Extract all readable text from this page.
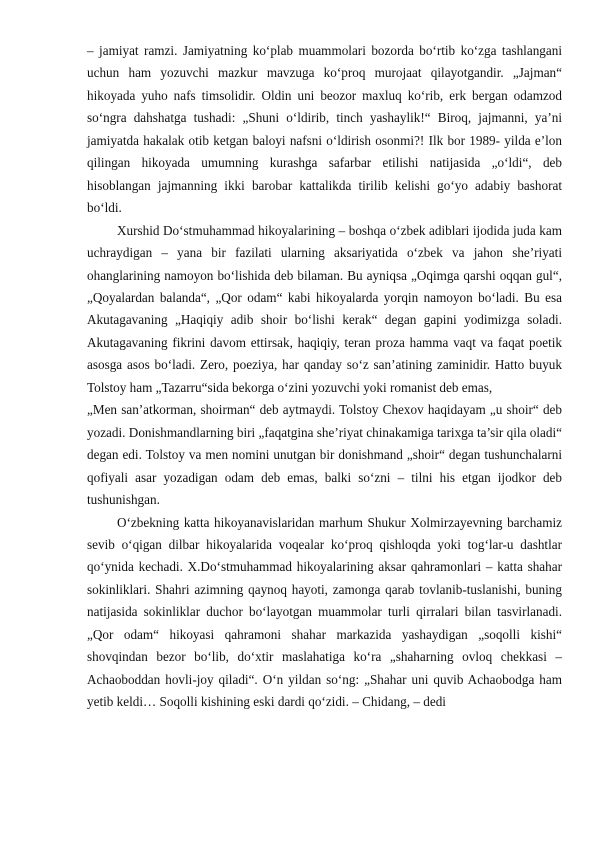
– jamiyat ramzi. Jamiyatning ko‘plab muammolari bozorda bo‘rtib ko‘zga tashlangani uchun ham yozuvchi mazkur mavzuga ko‘proq murojaat qilayotgandir. „Jajman“ hikoyada yuho nafs timsolidir. Oldin uni beozor maxluq ko‘rib, erk bergan odamzod so‘ngra dahshatga tushadi: „Shuni o‘ldirib, tinch yashaylik!“ Biroq, jajmanni, ya’ni jamiyatda hakalak otib ketgan baloyi nafsni o‘ldirish osonmi?! Ilk bor 1989- yilda e’lon qilingan hikoyada umumning kurashga safarbar etilishi natijasida „o‘ldi“, deb hisoblangan jajmanning ikki barobar kattalikda tirilib kelishi go‘yo adabiy bashorat bo‘ldi.

Xurshid Do‘stmuhammad hikoyalarining – boshqa o‘zbek adiblari ijodida juda kam uchraydigan – yana bir fazilati ularning aksariyatida o‘zbek va jahon she’riyati ohanglarining namoyon bo‘lishida deb bilaman. Bu ayniqsa „Oqimga qarshi oqqan gul“, „Qoyalardan balanda“, „Qor odam“ kabi hikoyalarda yorqin namoyon bo‘ladi. Bu esa Akutagavaning „Haqiqiy adib shoir bo‘lishi kerak“ degan gapini yodimizga soladi. Akutagavaning fikrini davom ettirsak, haqiqiy, teran proza hamma vaqt va faqat poetik asosga asos bo‘ladi. Zero, poeziya, har qanday so‘z san’atining zaminidir. Hatto buyuk Tolstoy ham „Tazarru“sida bekorga o‘zini yozuvchi yoki romanist deb emas,

„Men san’atkorman, shoirman“ deb aytmaydi. Tolstoy Chexov haqidayam „u shoir“ deb yozadi. Donishmandlarning biri „faqatgina she’riyat chinakamiga tarixga ta’sir qila oladi“ degan edi. Tolstoy va men nomini unutgan bir donishmand „shoir“ degan tushunchalarni qofiyali asar yozadigan odam deb emas, balki so‘zni – tilni his etgan ijodkor deb tushunishgan.

O‘zbekning katta hikoyanavislaridan marhum Shukur Xolmirzayevning barchamiz sevib o‘qigan dilbar hikoyalarida voqealar ko‘proq qishloqda yoki tog‘lar-u dashtlar qo‘ynida kechadi. X.Do‘stmuhammad hikoyalarining aksar qahramonlari – katta shahar sokinliklari. Shahri azimning qaynoq hayoti, zamonga qarab tovlanib-tuslanishi, buning natijasida sokinliklar duchor bo‘layotgan muammolar turli qirralari bilan tasvirlanadi. „Qor odam“ hikoyasi qahramoni shahar markazida yashaydigan „soqolli kishi“ shovqindan bezor bo‘lib, do‘xtir maslahatiga ko‘ra „shaharning ovloq chekkasi – Achaoboddan hovli-joy qiladi“. O‘n yildan so‘ng: „Shahar uni quvib Achaobodga ham yetib keldi… Soqolli kishining eski dardi qo‘zidi. – Chidang, – dedi
